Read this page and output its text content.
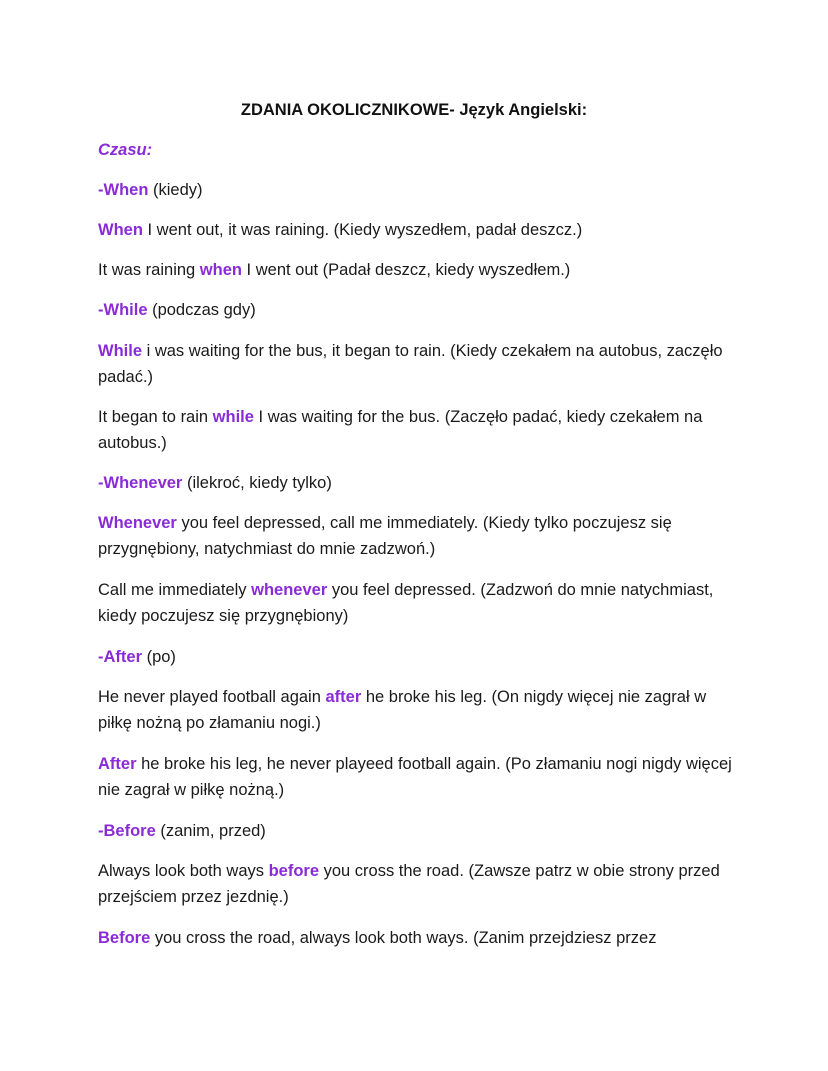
ZDANIA OKOLICZNIKOWE- Język Angielski:
Czasu:
-When (kiedy)
When I went out, it was raining. (Kiedy wyszedłem, padał deszcz.)
It was raining when I went out (Padał deszcz, kiedy wyszedłem.)
-While (podczas gdy)
While i was waiting for the bus, it began to rain. (Kiedy czekałem na autobus, zaczęło padać.)
It began to rain while I was waiting for the bus. (Zaczęło padać, kiedy czekałem na autobus.)
-Whenever (ilekroć, kiedy tylko)
Whenever you feel depressed, call me immediately. (Kiedy tylko poczujesz się przygnębiony, natychmiast do mnie zadzwoń.)
Call me immediately whenever you feel depressed. (Zadzwoń do mnie natychmiast, kiedy poczujesz się przygnębiony)
-After (po)
He never played football again after he broke his leg. (On nigdy więcej nie zagrał w piłkę nożną po złamaniu nogi.)
After he broke his leg, he never playeed football again. (Po złamaniu nogi nigdy więcej nie zagrał w piłkę nożną.)
-Before (zanim, przed)
Always look both ways before you cross the road. (Zawsze patrz w obie strony przed przejściem przez jezdnię.)
Before you cross the road, always look both ways. (Zanim przejdziesz przez
